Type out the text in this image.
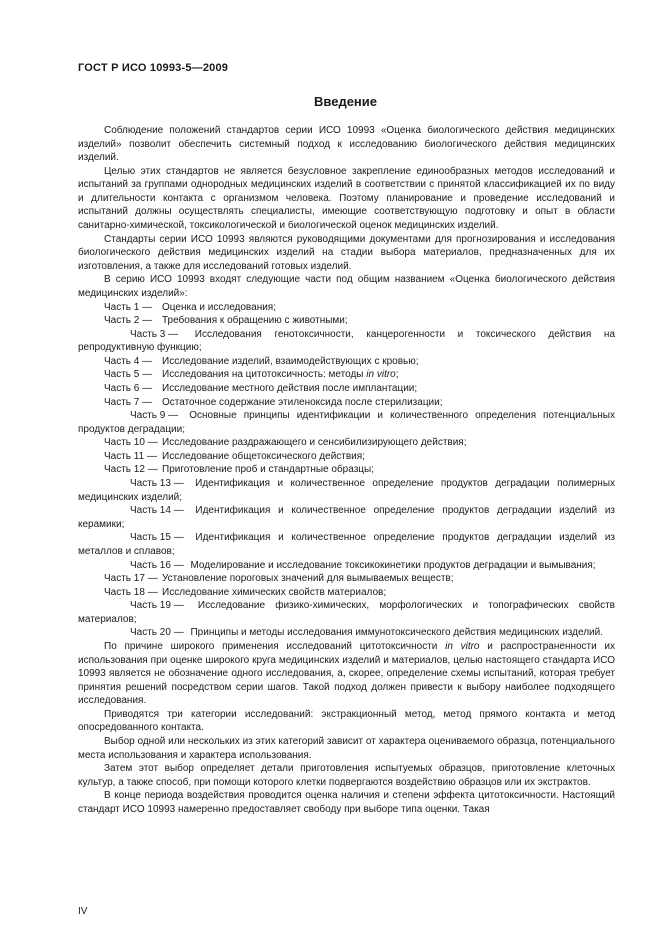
ГОСТ Р ИСО 10993-5—2009
Введение

Соблюдение положений стандартов серии ИСО 10993 «Оценка биологического действия медицинских изделий» позволит обеспечить системный подход к исследованию биологического действия медицинских изделий.

Целью этих стандартов не является безусловное закрепление единообразных методов исследований и испытаний за группами однородных медицинских изделий в соответствии с принятой классификацией их по виду и длительности контакта с организмом человека. Поэтому планирование и проведение исследований и испытаний должны осуществлять специалисты, имеющие соответствующую подготовку и опыт в области санитарно-химической, токсикологической и биологической оценок медицинских изделий.

Стандарты серии ИСО 10993 являются руководящими документами для прогнозирования и исследования биологического действия медицинских изделий на стадии выбора материалов, предназначенных для их изготовления, а также для исследований готовых изделий.

В серию ИСО 10993 входят следующие части под общим названием «Оценка биологического действия медицинских изделий»:

Часть 1 — Оценка и исследования;

Часть 2 — Требования к обращению с животными;

Часть 3 — Исследования генотоксичности, канцерогенности и токсического действия на репродуктивную функцию;

Часть 4 — Исследование изделий, взаимодействующих с кровью;

Часть 5 — Исследования на цитотоксичность: методы in vitro;

Часть 6 — Исследование местного действия после имплантации;

Часть 7 — Остаточное содержание этиленоксида после стерилизации;

Часть 9 — Основные принципы идентификации и количественного определения потенциальных продуктов деградации;

Часть 10 — Исследование раздражающего и сенсибилизирующего действия;

Часть 11 — Исследование общетоксического действия;

Часть 12 — Приготовление проб и стандартные образцы;

Часть 13 — Идентификация и количественное определение продуктов деградации полимерных медицинских изделий;

Часть 14 — Идентификация и количественное определение продуктов деградации изделий из керамики;

Часть 15 — Идентификация и количественное определение продуктов деградации изделий из металлов и сплавов;

Часть 16 — Моделирование и исследование токсикокинетики продуктов деградации и вымывания;

Часть 17 — Установление пороговых значений для вымываемых веществ;

Часть 18 — Исследование химических свойств материалов;

Часть 19 — Исследование физико-химических, морфологических и топографических свойств материалов;

Часть 20 — Принципы и методы исследования иммунотоксического действия медицинских изделий.

По причине широкого применения исследований цитотоксичности in vitro и распространенности их использования при оценке широкого круга медицинских изделий и материалов, целью настоящего стандарта ИСО 10993 является не обозначение одного исследования, а, скорее, определение схемы испытаний, которая требует принятия решений посредством серии шагов. Такой подход должен привести к выбору наиболее подходящего исследования.

Приводятся три категории исследований: экстракционный метод, метод прямого контакта и метод опосредованного контакта.

Выбор одной или нескольких из этих категорий зависит от характера оцениваемого образца, потенциального места использования и характера использования.

Затем этот выбор определяет детали приготовления испытуемых образцов, приготовление клеточных культур, а также способ, при помощи которого клетки подвергаются воздействию образцов или их экстрактов.

В конце периода воздействия проводится оценка наличия и степени эффекта цитотоксичности. Настоящий стандарт ИСО 10993 намеренно предоставляет свободу при выборе типа оценки. Такая

IV
